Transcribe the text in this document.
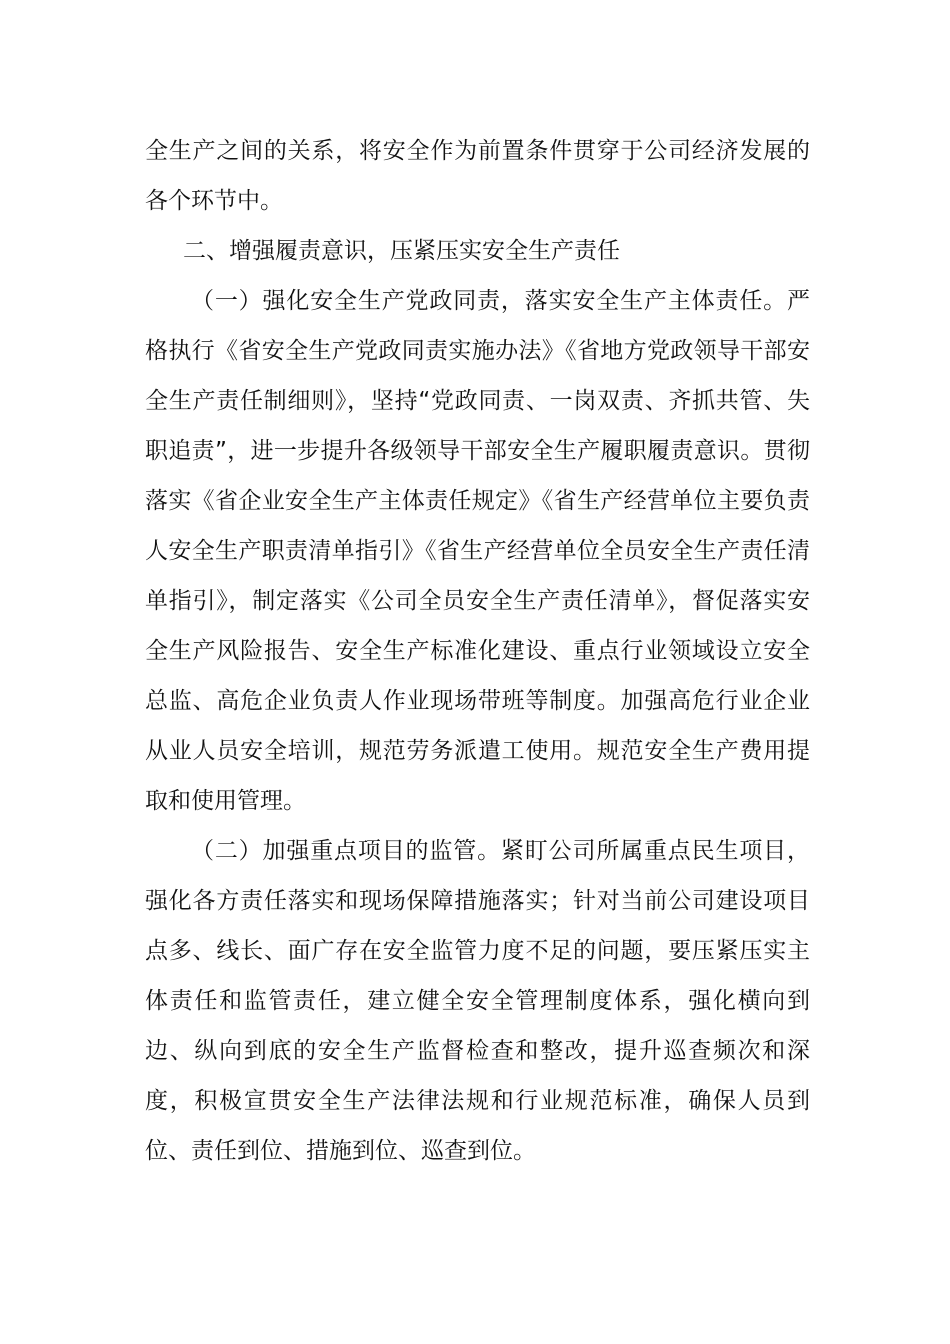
全生产之间的关系，将安全作为前置条件贯穿于公司经济发展的各个环节中。

二、增强履责意识，压紧压实安全生产责任

（一）强化安全生产党政同责，落实安全生产主体责任。严格执行《省安全生产党政同责实施办法》《省地方党政领导干部安全生产责任制细则》，坚持“党政同责、一岗双责、齐抓共管、失职追责”，进一步提升各级领导干部安全生产履职履责意识。贯彻落实《省企业安全生产主体责任规定》《省生产经营单位主要负责人安全生产职责清单指引》《省生产经营单位全员安全生产责任清单指引》，制定落实《公司全员安全生产责任清单》，督促落实安全生产风险报告、安全生产标准化建设、重点行业领域设立安全总监、高危企业负责人作业现场带班等制度。加强高危行业企业从业人员安全培训，规范劳务派遣工使用。规范安全生产费用提取和使用管理。

（二）加强重点项目的监管。紧盯公司所属重点民生项目，强化各方责任落实和现场保障措施落实；针对当前公司建设项目点多、线长、面广存在安全监管力度不足的问题，要压紧压实主体责任和监管责任，建立健全安全管理制度体系，强化横向到边、纵向到底的安全生产监督检查和整改，提升巡查频次和深度，积极宣贯安全生产法律法规和行业规范标准，确保人员到位、责任到位、措施到位、巡查到位。
